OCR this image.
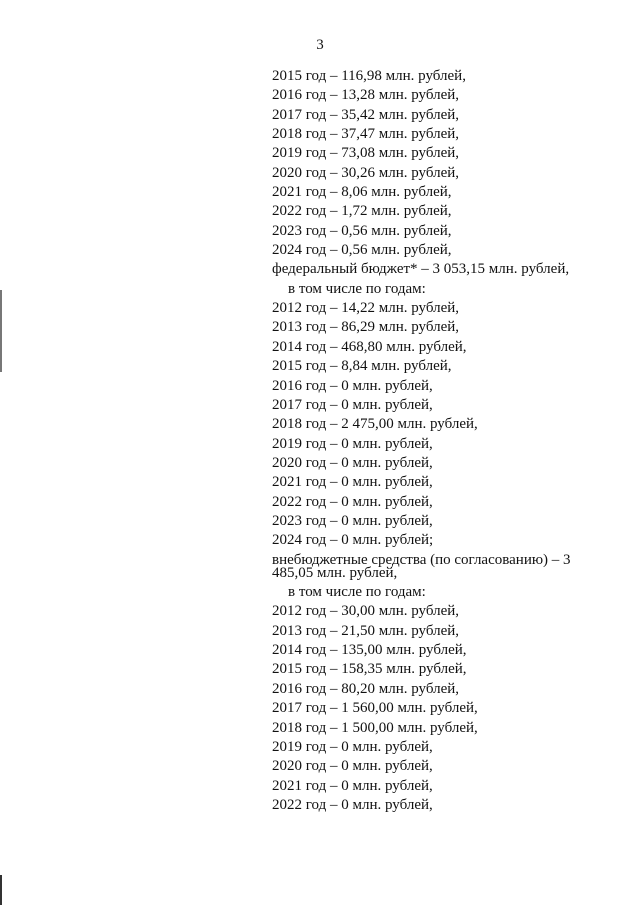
3
2015 год – 116,98 млн. рублей,
2016 год – 13,28 млн. рублей,
2017 год – 35,42 млн. рублей,
2018 год – 37,47 млн. рублей,
2019 год – 73,08 млн. рублей,
2020 год – 30,26 млн. рублей,
2021 год – 8,06 млн. рублей,
2022 год – 1,72 млн. рублей,
2023 год – 0,56 млн. рублей,
2024 год – 0,56 млн. рублей,
федеральный бюджет* – 3 053,15 млн. рублей,
в том числе по годам:
2012 год – 14,22 млн. рублей,
2013 год – 86,29 млн. рублей,
2014 год – 468,80 млн. рублей,
2015 год – 8,84 млн. рублей,
2016 год – 0 млн. рублей,
2017 год – 0 млн. рублей,
2018 год – 2 475,00 млн. рублей,
2019 год – 0 млн. рублей,
2020 год – 0 млн. рублей,
2021 год – 0 млн. рублей,
2022 год – 0 млн. рублей,
2023 год – 0 млн. рублей,
2024 год – 0 млн. рублей;
внебюджетные средства (по согласованию) – 3 485,05 млн. рублей,
в том числе по годам:
2012 год – 30,00 млн. рублей,
2013 год – 21,50 млн. рублей,
2014 год – 135,00 млн. рублей,
2015 год – 158,35 млн. рублей,
2016 год – 80,20 млн. рублей,
2017 год – 1 560,00 млн. рублей,
2018 год – 1 500,00 млн. рублей,
2019 год – 0 млн. рублей,
2020 год – 0 млн. рублей,
2021 год – 0 млн. рублей,
2022 год – 0 млн. рублей,
